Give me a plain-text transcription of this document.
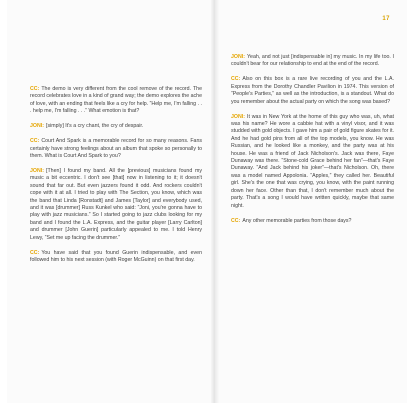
17

CC: The demo is very different from the cool remove of the record. The record celebrates love in a kind of grand way; the demo explores the ache of love, with an ending that feels like a cry for help. “Help me, I'm falling . . . help me, I'm falling . . .” What emotion is that?

JONI: [simply] It's a cry chant, the cry of despair.

CC: Court And Spark is a memorable record for so many reasons. Fans certainly have strong feelings about an album that spoke so personally to them. What is Court And Spark to you?

JONI: [Then] I found my band. All the [previous] musicians found my music a bit eccentric. I don't see [that] now in listening to it; it doesn't sound that far out. But even jazzers found it odd. And rockers couldn't cope with it at all. I tried to play with The Section, you know, which was the band that Linda [Ronstadt] and James [Taylor] and everybody used, and it was [drummer] Russ Kunkel who said: “Joni, you're gonna have to play with jazz musicians.” So I started going to jazz clubs looking for my band and I found the L.A. Express, and the guitar player [Larry Carlton] and drummer [John Guerin] particularly appealed to me. I told Henry Lewy, “Set me up facing the drummer.”

CC: You have said that you found Guerin indispensable, and even followed him to his next session (with Roger McGuinn) on that first day.

JONI: Yeah, and not just [indispensable in] my music. In my life too. I couldn't bear for our relationship to end at the end of the record.

CC: Also on this box is a rare live recording of you and the L.A. Express from the Dorothy Chandler Pavilion in 1974. This version of “People's Parties,” as well as the introduction, is a standout. What do you remember about the actual party on which the song was based?

JONI: It was in New York at the home of this guy who was, uh, what was his name? He wore a cabbie hat with a vinyl visor, and it was studded with gold objects. I gave him a pair of gold figure skates for it. And he had gold pins from all of the top models, you know. He was Russian, and he looked like a monkey, and the party was at his house. He was a friend of Jack Nicholson's. Jack was there, Faye Dunaway was there. “Stone-cold Grace behind her fan”—that's Faye Dunaway. “And Jack behind his joker”—that's Nicholson. Oh, there was a model named Appolonia. “Apples,” they called her. Beautiful girl. She's the one that was crying, you know, with the paint running down her face. Other than that, I don't remember much about the party. That's a song I would have written quickly, maybe that same night.

CC: Any other memorable parties from those days?
